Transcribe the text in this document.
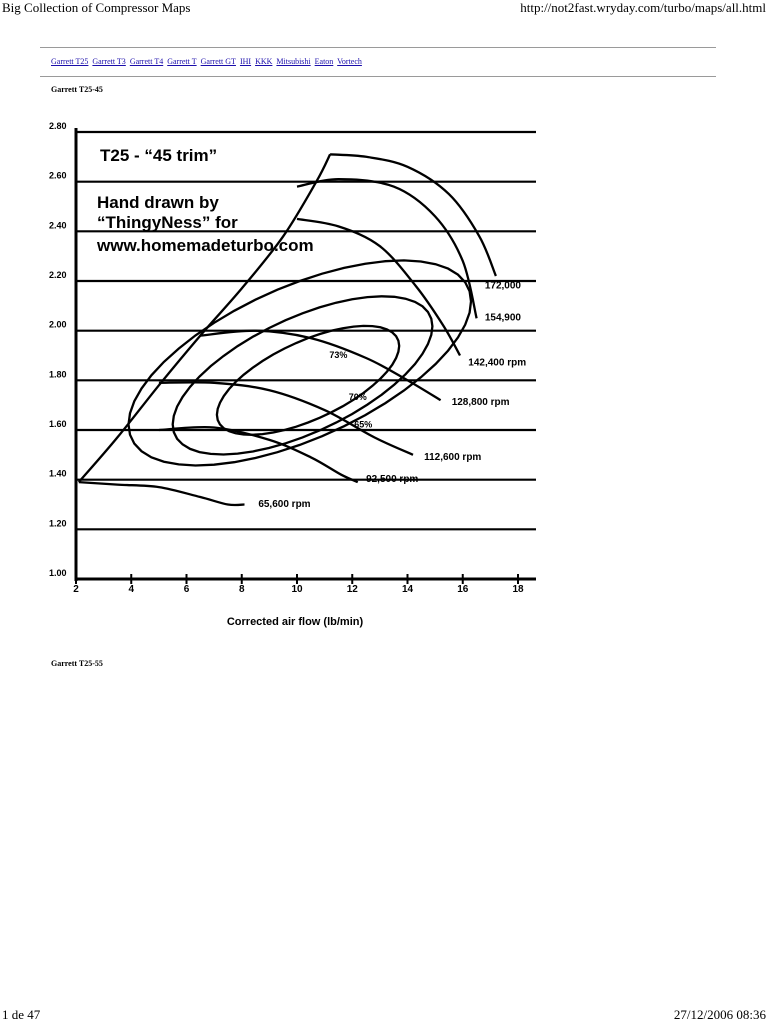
Big Collection of Compressor Maps	http://not2fast.wryday.com/turbo/maps/all.html
Garrett T25 Garrett T3 Garrett T4 Garrett T Garrett GT IHI KKK Mitsubishi Eaton Vortech
Garrett T25-45
1.00
1.20
1.40
1.60
1.80
2.00
2.20
2.40
2.60
2.80
2	4	6	8	10	12	14	16	18
73%
70%
65%
65,600 rpm
92,500 rpm
112,600 rpm
128,800 rpm
142,400 rpm
154,900
172,000
T25 - “45 trim”
Hand drawn by
“ThingyNess” for
www.homemadeturbo.com
Corrected air flow (lb/min)
Garrett T25-55
1 de 47	27/12/2006 08:36
